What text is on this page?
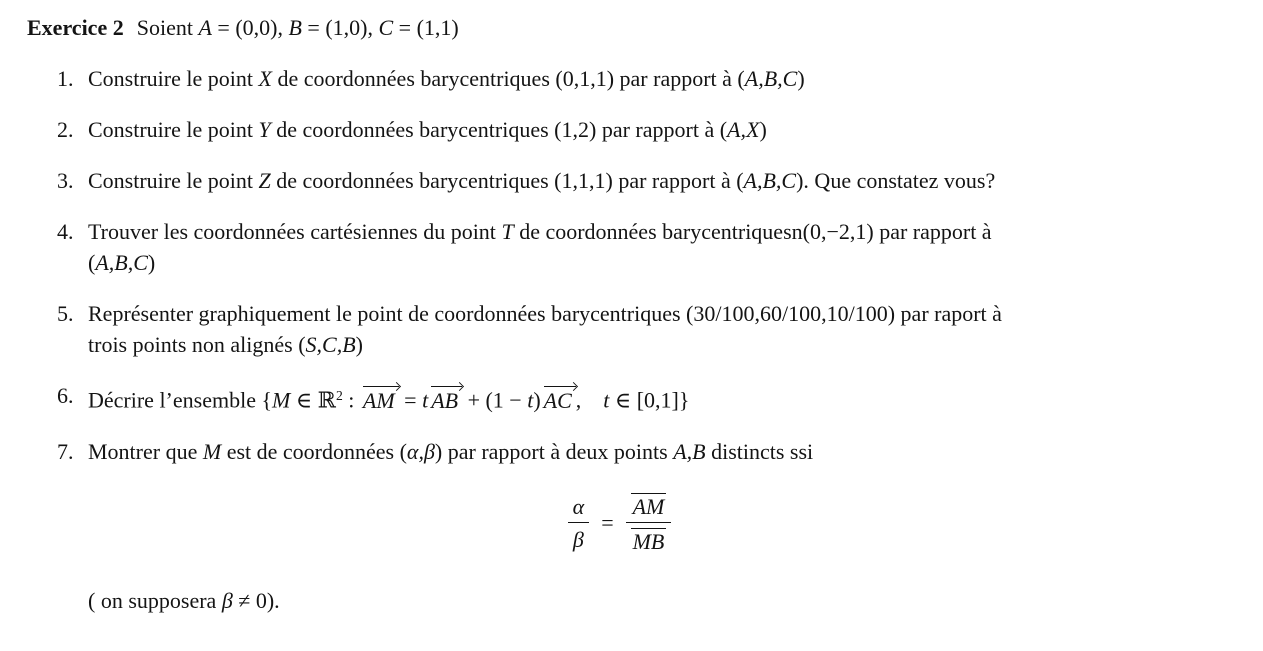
Exercice 2 Soient A = (0,0), B = (1,0), C = (1,1)
1. Construire le point X de coordonnées barycentriques (0,1,1) par rapport à (A,B,C)
2. Construire le point Y de coordonnées barycentriques (1,2) par rapport à (A,X)
3. Construire le point Z de coordonnées barycentriques (1,1,1) par rapport à (A,B,C). Que constatez vous?
4. Trouver les coordonnées cartésiennes du point T de coordonnées barycentriquesn(0,−2,1) par rapport à
(A,B,C)
5. Représenter graphiquement le point de coordonnées barycentriques (30/100,60/100,10/100) par raport à
trois points non alignés (S,C,B)
6. Décrire l’ensemble {M ∈ ℝ$^2$ :
AM = t AB + (1 − t) AC , t ∈ [0,1]}
7. Montrer que M est de coordonnées (α,β) par rapport à deux points A,B distincts ssi
$\frac{\alpha}{\beta} = \frac{AM}{MB}$
( on supposera β ≠ 0).
